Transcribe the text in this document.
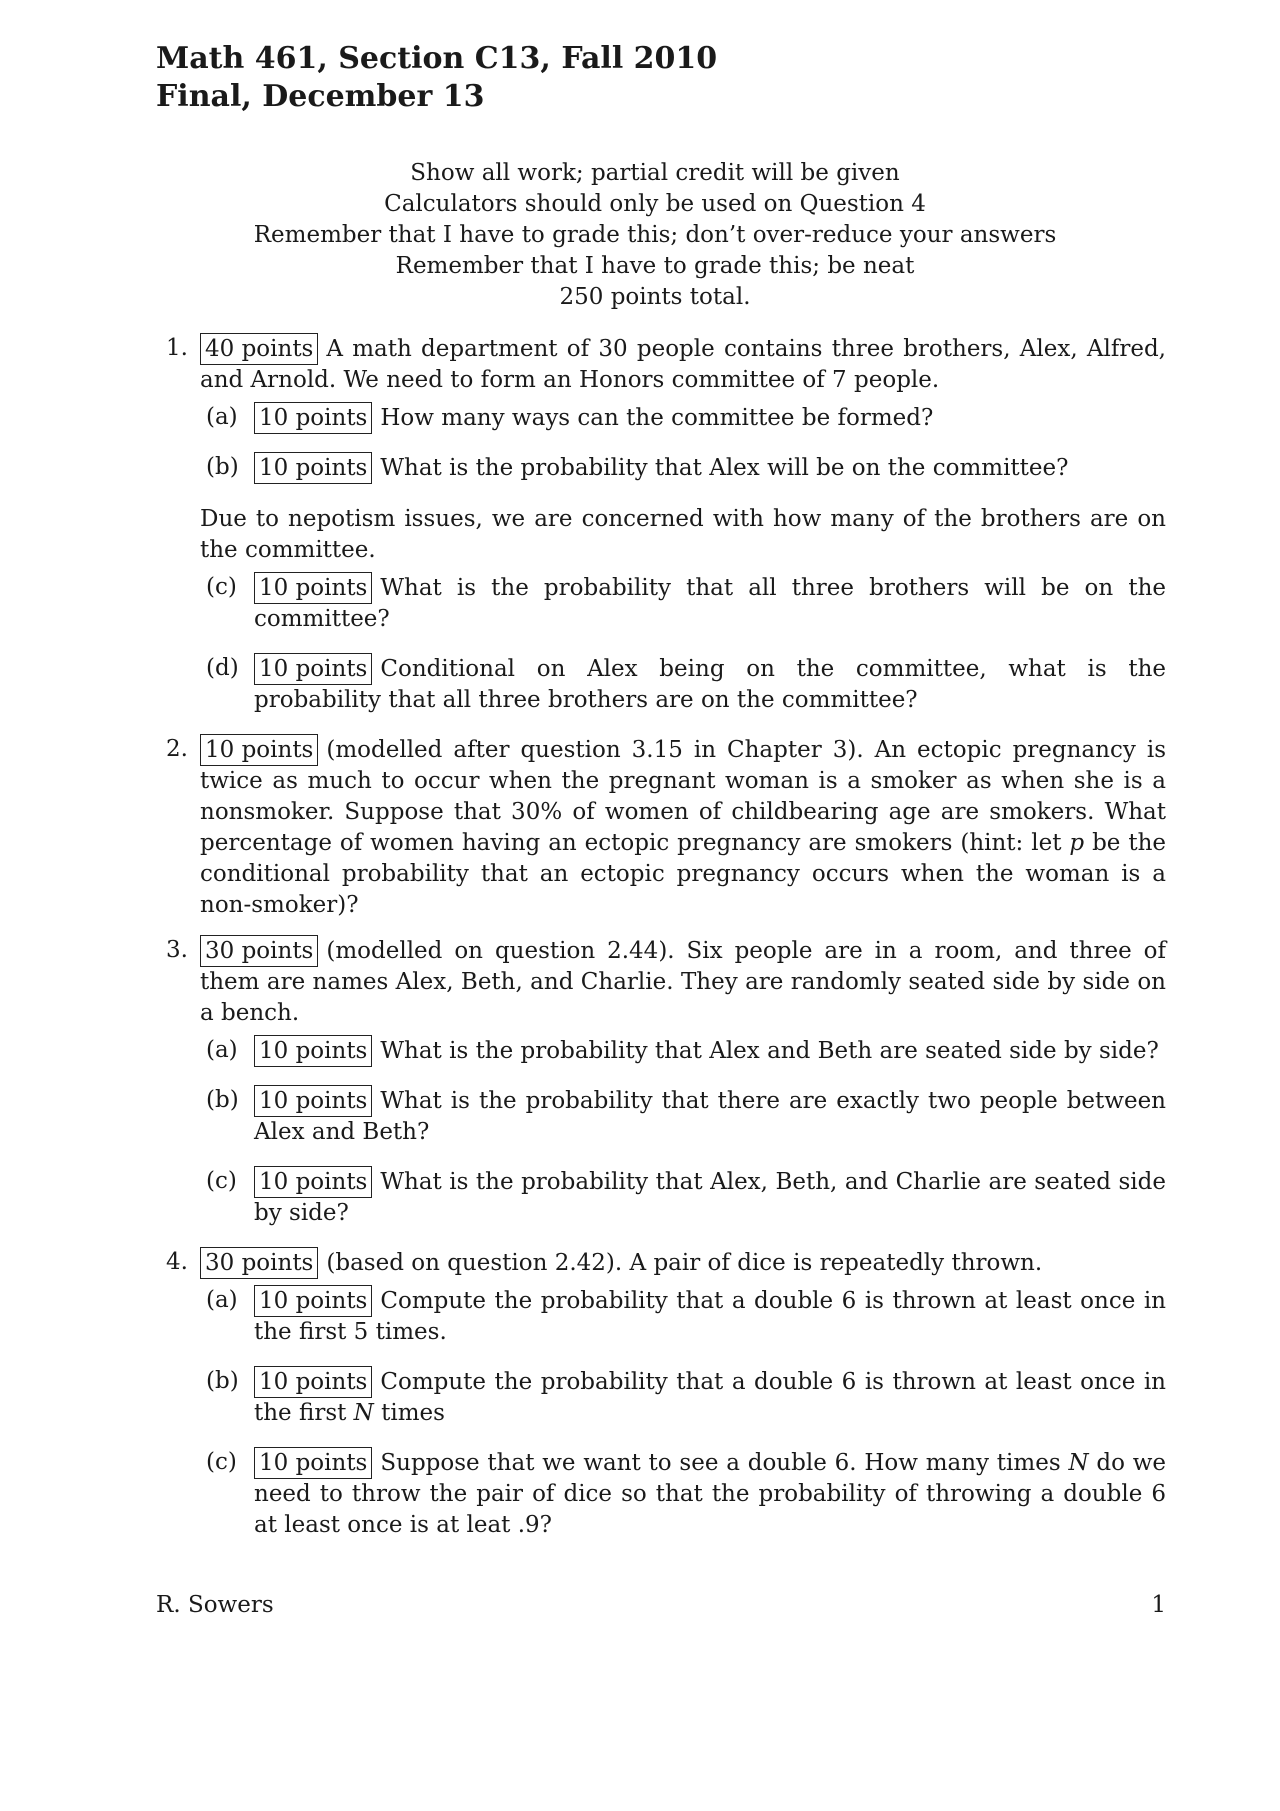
Math 461, Section C13, Fall 2010
Final, December 13
Show all work; partial credit will be given
Calculators should only be used on Question 4
Remember that I have to grade this; don’t over-reduce your answers
Remember that I have to grade this; be neat
250 points total.
1. 40 points A math department of 30 people contains three brothers, Alex, Alfred, and Arnold. We need to form an Honors committee of 7 people.
(a) 10 points How many ways can the committee be formed?
(b) 10 points What is the probability that Alex will be on the committee?
Due to nepotism issues, we are concerned with how many of the brothers are on the committee.
(c) 10 points What is the probability that all three brothers will be on the committee?
(d) 10 points Conditional on Alex being on the committee, what is the probability that all three brothers are on the committee?
2. 10 points (modelled after question 3.15 in Chapter 3). An ectopic pregnancy is twice as much to occur when the pregnant woman is a smoker as when she is a nonsmoker. Suppose that 30% of women of childbearing age are smokers. What percentage of women having an ectopic pregnancy are smokers (hint: let p be the conditional probability that an ectopic pregnancy occurs when the woman is a non-smoker)?
3. 30 points (modelled on question 2.44). Six people are in a room, and three of them are names Alex, Beth, and Charlie. They are randomly seated side by side on a bench.
(a) 10 points What is the probability that Alex and Beth are seated side by side?
(b) 10 points What is the probability that there are exactly two people between Alex and Beth?
(c) 10 points What is the probability that Alex, Beth, and Charlie are seated side by side?
4. 30 points (based on question 2.42). A pair of dice is repeatedly thrown.
(a) 10 points Compute the probability that a double 6 is thrown at least once in the first 5 times.
(b) 10 points Compute the probability that a double 6 is thrown at least once in the first N times
(c) 10 points Suppose that we want to see a double 6. How many times N do we need to throw the pair of dice so that the probability of throwing a double 6 at least once is at leat .9?
R. Sowers	1
